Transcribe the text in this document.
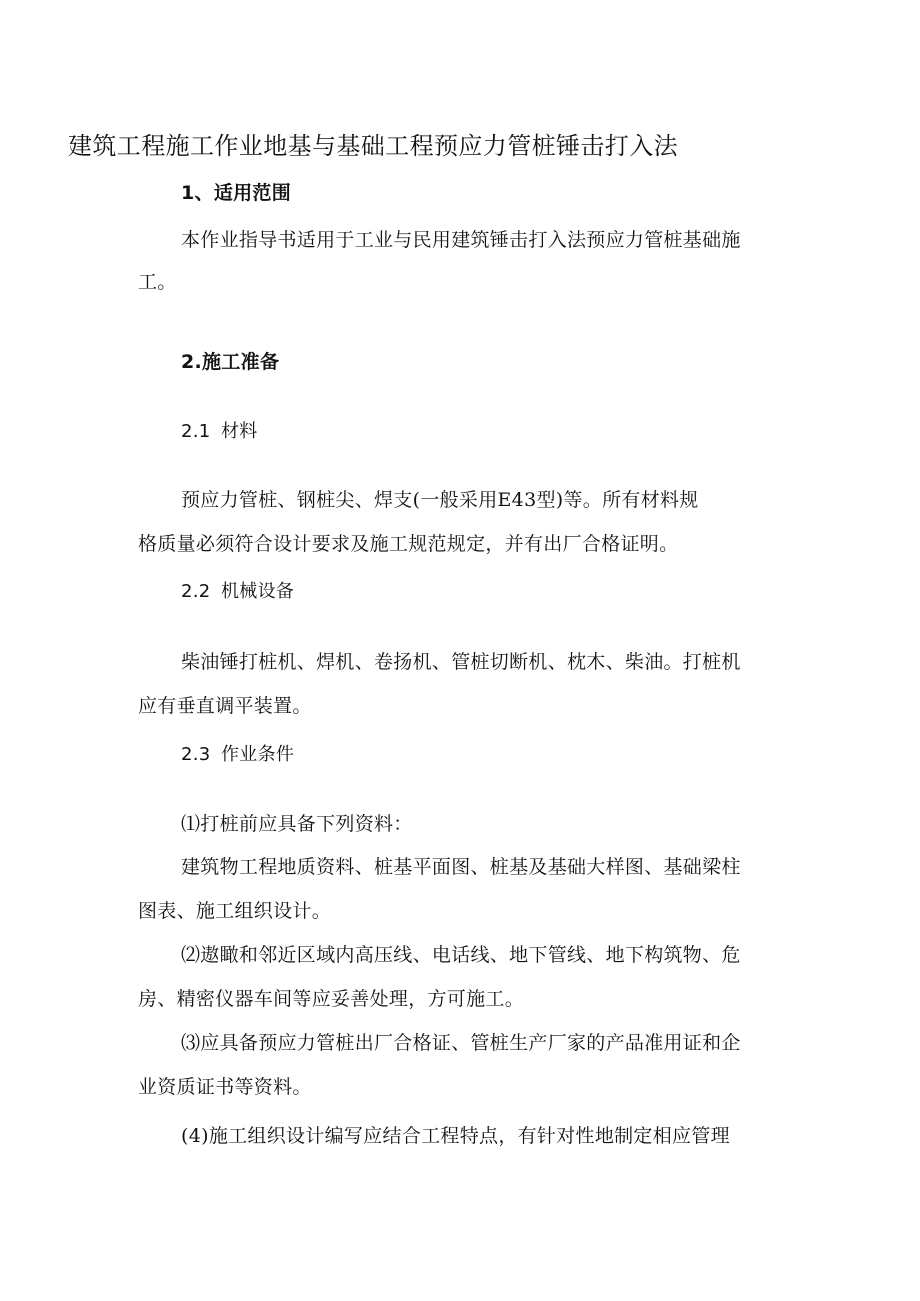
建筑工程施工作业地基与基础工程预应力管桩锤击打入法
1、适用范围
本作业指导书适用于工业与民用建筑锤击打入法预应力管桩基础施
工。
2.施工准备
2.1 材料
预应力管桩、钢桩尖、焊支(一般采用E43型)等。所有材料规
格质量必须符合设计要求及施工规范规定，并有出厂合格证明。
2.2 机械设备
柴油锤打桩机、焊机、卷扬机、管桩切断机、枕木、柴油。打桩机
应有垂直调平装置。
2.3 作业条件
⑴打桩前应具备下列资料：
建筑物工程地质资料、桩基平面图、桩基及基础大样图、基础梁柱
图表、施工组织设计。
⑵遨瞰和邻近区域内高压线、电话线、地下管线、地下构筑物、危
房、精密仪器车间等应妥善处理，方可施工。
⑶应具备预应力管桩出厂合格证、管桩生产厂家的产品准用证和企
业资质证书等资料。
(4)施工组织设计编写应结合工程特点，有针对性地制定相应管理
